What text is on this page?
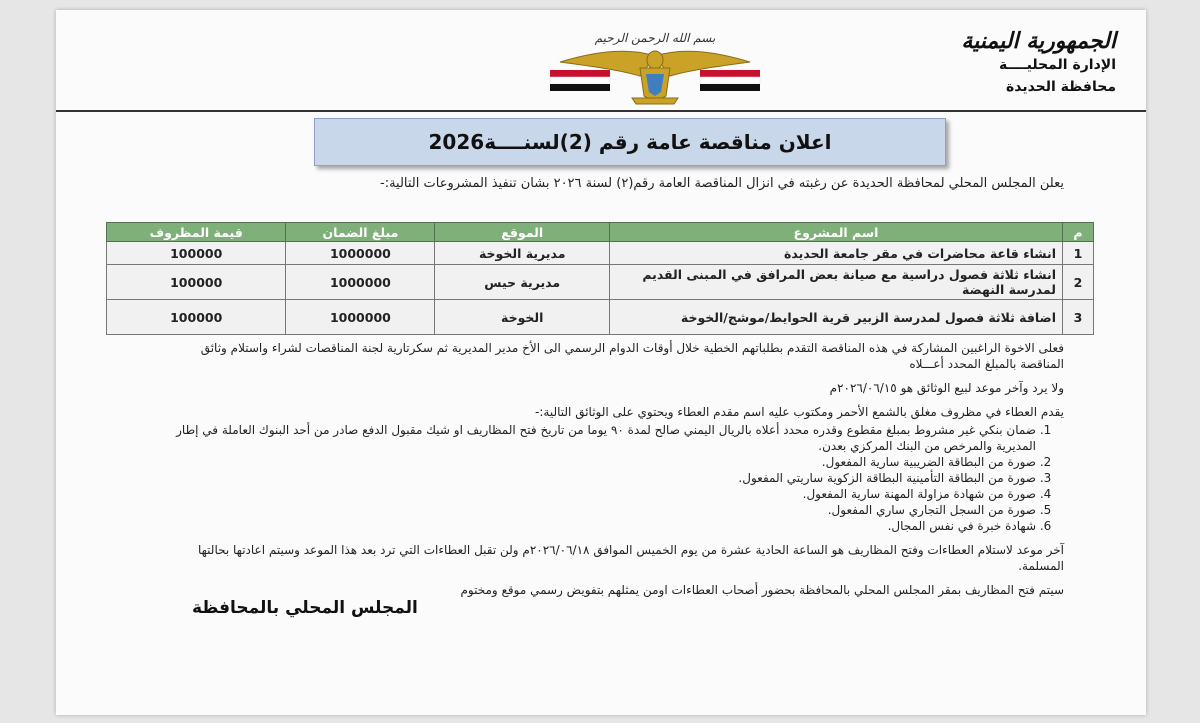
بسم الله الرحمن الرحيم	الجمهورية اليمنية
الإدارة المحليــــة
محافظة الحديدة
اعلان مناقصة عامة رقم (2)لسنــــة2026
يعلن المجلس المحلي لمحافظة الحديدة عن رغبته في انزال المناقصة العامة رقم(٢) لسنة ٢٠٢٦ بشان تنفيذ المشروعات التالية:-
م	اسم المشروع	الموقع	مبلغ الضمان	قيمة المظروف
1	انشاء قاعة محاضرات في مقر جامعة الحديدة	مديرية الخوخة	1000000	100000
2	انشاء ثلاثة فصول دراسية مع صيانة بعض المرافق في المبنى القديم لمدرسة النهضة	مديرية حيس	1000000	100000
3	اضافة ثلاثة فصول لمدرسة الزبير قرية الحوايط/موشج/الخوخة	الخوخة	1000000	100000

فعلى الاخوة الراغبين المشاركة في هذه المناقصة التقدم بطلباتهم الخطية خلال أوقات الدوام الرسمي الى الأخ مدير المديرية ثم سكرتارية لجنة المناقصات لشراء واستلام وثائق المناقصة بالمبلغ المحدد أعـــلاه

ولا يرد وآخر موعد لبيع الوثائق هو ٢٠٢٦/٠٦/١٥م

يقدم العطاء في مظروف مغلق بالشمع الأحمر ومكتوب عليه اسم مقدم العطاء ويحتوي على الوثائق التالية:-

1. ضمان بنكي غير مشروط بمبلغ مقطوع وقدره محدد أعلاه بالريال اليمني صالح لمدة ٩٠ يوما من تاريخ فتح المظاريف او شيك مقبول الدفع صادر من أحد البنوك العاملة في إطار المديرية والمرخص من البنك المركزي بعدن.
2. صورة من البطاقة الضريبية سارية المفعول.
3. صورة من البطاقة التأمينية البطاقة الزكوية ساريتي المفعول.
4. صورة من شهادة مزاولة المهنة سارية المفعول.
5. صورة من السجل التجاري ساري المفعول.
6. شهادة خبرة في نفس المجال.

آخر موعد لاستلام العطاءات وفتح المظاريف هو الساعة الحادية عشرة من يوم الخميس الموافق ٢٠٢٦/٠٦/١٨م ولن تقبل العطاءات التي ترد بعد هذا الموعد وسيتم اعادتها بحالتها المسلمة.

سيتم فتح المظاريف بمقر المجلس المحلي بالمحافظة بحضور أصحاب العطاءات اومن يمثلهم بتفويض رسمي موقع ومختوم

المجلس المحلي بالمحافظة
